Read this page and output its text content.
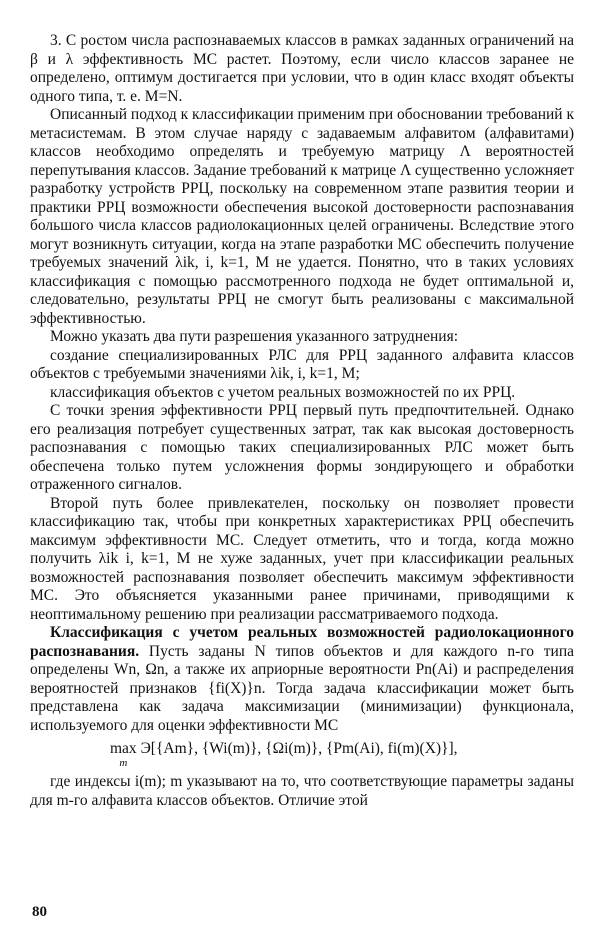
3. С ростом числа распознаваемых классов в рамках заданных ограничений на β и λ эффективность МС растет. Поэтому, если число классов заранее не определено, оптимум достигается при условии, что в один класс входят объекты одного типа, т. е. M=N.

Описанный подход к классификации применим при обосновании требований к метасистемам. В этом случае наряду с задаваемым алфавитом (алфавитами) классов необходимо определять и требуемую матрицу Λ вероятностей перепутывания классов. Задание требований к матрице Λ существенно усложняет разработку устройств РРЦ, поскольку на современном этапе развития теории и практики РРЦ возможности обеспечения высокой достоверности распознавания большого числа классов радиолокационных целей ограничены. Вследствие этого могут возникнуть ситуации, когда на этапе разработки МС обеспечить получение требуемых значений λik, i, k=1, M не удается. Понятно, что в таких условиях классификация с помощью рассмотренного подхода не будет оптимальной и, следовательно, результаты РРЦ не смогут быть реализованы с максимальной эффективностью.

Можно указать два пути разрешения указанного затруднения:

создание специализированных РЛС для РРЦ заданного алфавита классов объектов с требуемыми значениями λik, i, k=1, M;

классификация объектов с учетом реальных возможностей по их РРЦ.

С точки зрения эффективности РРЦ первый путь предпочтительней. Однако его реализация потребует существенных затрат, так как высокая достоверность распознавания с помощью таких специализированных РЛС может быть обеспечена только путем усложнения формы зондирующего и обработки отраженного сигналов.

Второй путь более привлекателен, поскольку он позволяет провести классификацию так, чтобы при конкретных характеристиках РРЦ обеспечить максимум эффективности МС. Следует отметить, что и тогда, когда можно получить λik i, k=1, M не хуже заданных, учет при классификации реальных возможностей распознавания позволяет обеспечить максимум эффективности МС. Это объясняется указанными ранее причинами, приводящими к неоптимальному решению при реализации рассматриваемого подхода.

Классификация с учетом реальных возможностей радиолокационного распознавания. Пусть заданы N типов объектов и для каждого n-го типа определены Wn, Ωn, а также их априорные вероятности Pn(Ai) и распределения вероятностей признаков {fi(X)}n. Тогда задача классификации может быть представлена как задача максимизации (минимизации) функционала, используемого для оценки эффективности МС

max
m
Э[{Am}, {Wi(m)}, {Ωi(m)}, {Pm(Ai), fi(m)(X)}],

где индексы i(m); m указывают на то, что соответствующие параметры заданы для m-го алфавита классов объектов. Отличие этой

80
